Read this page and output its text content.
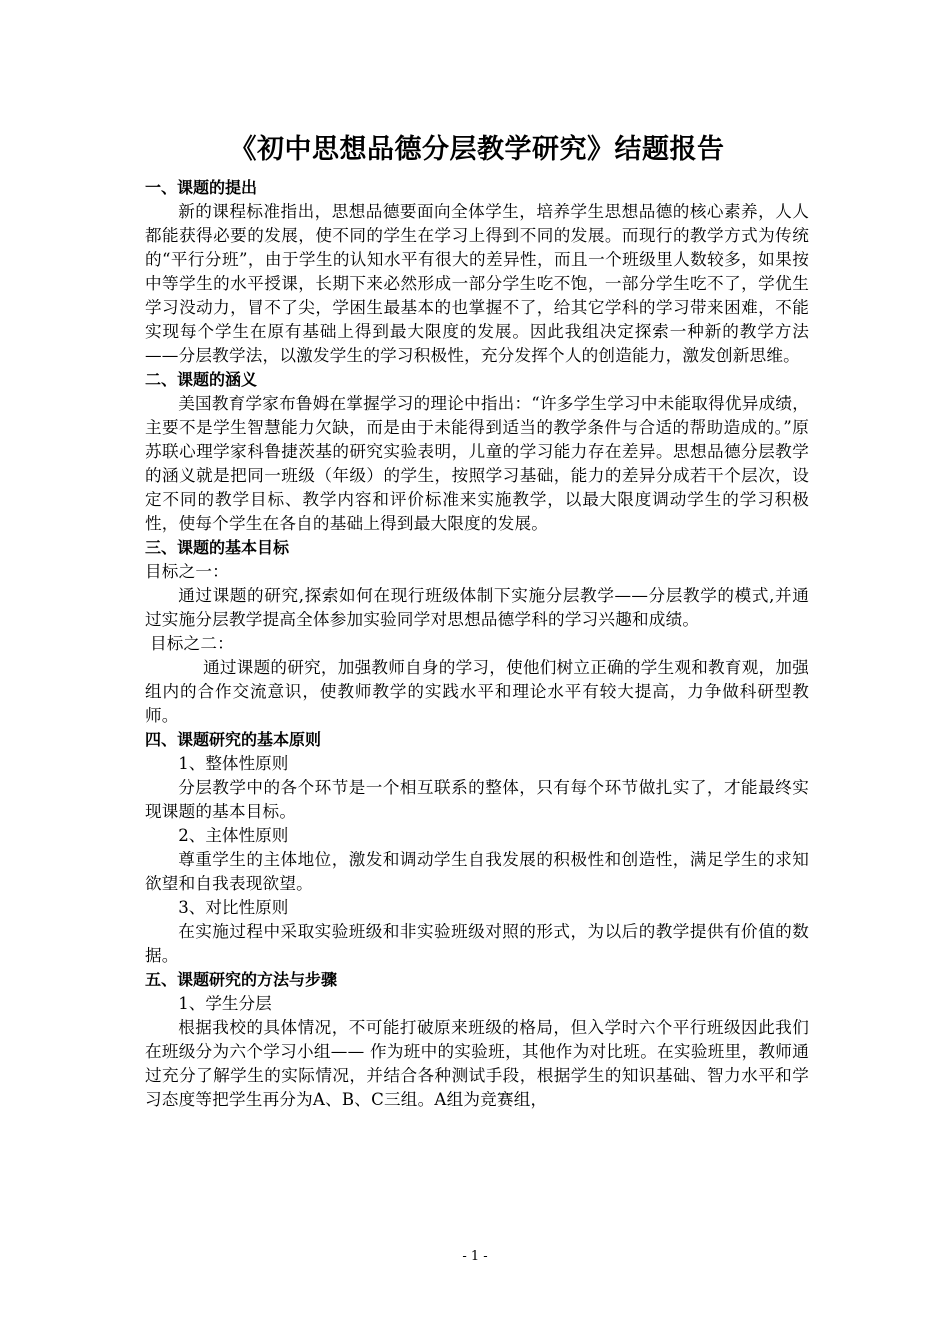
《初中思想品德分层教学研究》结题报告
一、课题的提出
新的课程标准指出，思想品德要面向全体学生，培养学生思想品德的核心素养，人人都能获得必要的发展，使不同的学生在学习上得到不同的发展。而现行的教学方式为传统的“平行分班”，由于学生的认知水平有很大的差异性，而且一个班级里人数较多，如果按中等学生的水平授课，长期下来必然形成一部分学生吃不饱，一部分学生吃不了，学优生学习没动力，冒不了尖，学困生最基本的也掌握不了，给其它学科的学习带来困难，不能实现每个学生在原有基础上得到最大限度的发展。因此我组决定探索一种新的教学方法——分层教学法，以激发学生的学习积极性，充分发挥个人的创造能力，激发创新思维。
二、课题的涵义
美国教育学家布鲁姆在掌握学习的理论中指出：“许多学生学习中未能取得优异成绩，主要不是学生智慧能力欠缺，而是由于未能得到适当的教学条件与合适的帮助造成的。”原苏联心理学家科鲁捷茨基的研究实验表明，儿童的学习能力存在差异。思想品德分层教学的涵义就是把同一班级（年级）的学生，按照学习基础，能力的差异分成若干个层次，设定不同的教学目标、教学内容和评价标准来实施教学，以最大限度调动学生的学习积极性，使每个学生在各自的基础上得到最大限度的发展。
三、课题的基本目标
目标之一：
通过课题的研究,探索如何在现行班级体制下实施分层教学——分层教学的模式,并通过实施分层教学提高全体参加实验同学对思想品德学科的学习兴趣和成绩。
目标之二：
通过课题的研究，加强教师自身的学习，使他们树立正确的学生观和教育观，加强组内的合作交流意识，使教师教学的实践水平和理论水平有较大提高，力争做科研型教师。
四、课题研究的基本原则
1、整体性原则
分层教学中的各个环节是一个相互联系的整体，只有每个环节做扎实了，才能最终实现课题的基本目标。
2、主体性原则
尊重学生的主体地位，激发和调动学生自我发展的积极性和创造性，满足学生的求知欲望和自我表现欲望。
3、对比性原则
在实施过程中采取实验班级和非实验班级对照的形式，为以后的教学提供有价值的数据。
五、课题研究的方法与步骤
1、学生分层
根据我校的具体情况，不可能打破原来班级的格局，但入学时六个平行班级因此我们在班级分为六个学习小组—— 作为班中的实验班，其他作为对比班。在实验班里，教师通过充分了解学生的实际情况，并结合各种测试手段，根据学生的知识基础、智力水平和学习态度等把学生再分为A、B、C三组。A组为竞赛组，
- 1 -
